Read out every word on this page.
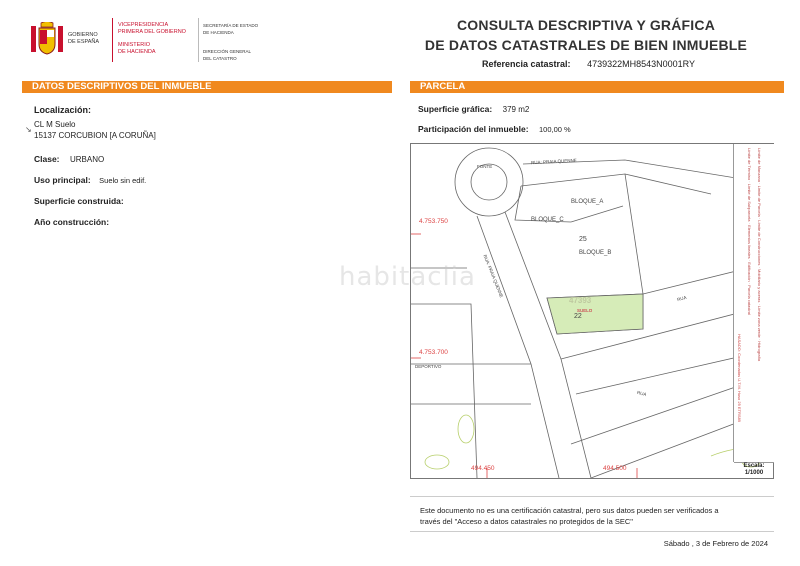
GOBIERNO
DE ESPAÑA
VICEPRESIDENCIA
PRIMERA DEL GOBIERNO
MINISTERIO
DE HACIENDA
SECRETARÍA DE ESTADO
DE HACIENDA
DIRECCIÓN GENERAL
DEL CATASTRO
CONSULTA DESCRIPTIVA Y GRÁFICA
DE DATOS CATASTRALES DE BIEN INMUEBLE
Referencia catastral: 4739322MH8543N0001RY
DATOS DESCRIPTIVOS DEL INMUEBLE
Localización:
CL M Suelo
15137 CORCUBION [A CORUÑA]
Clase: URBANO
Uso principal: Suelo sin edif.
Superficie construida:
Año construcción:
↘
PARCELA
Superficie gráfica: 379 m2
Participación del inmueble: 100,00 %
RUA: PRAIA QUENNE
RUA: PRAIA QUENNE
RUA
RUA
FONTE
BLOQUE_A
BLOQUE_C
25
BLOQUE_B
47393
SUELO
22
DEPORTIVO
4.753.750
4.753.700
494.450	494.500
habitaclia
Límite de Manzana · Límite de Parcela · Límite de Construcciones · Mobiliario y aceras · Límite zona verde · Hidrografía
Límite de Término · Límite de Subparcela · Elementos lineales · Edificación · Parcela catastral
HASADO: Coordenadas U.T.M. Huso 29 ETRS89
Escala:
1/1000
Este documento no es una certificación catastral, pero sus datos pueden ser verificados a
través del "Acceso a datos catastrales no protegidos de la SEC"
Sábado , 3 de Febrero de 2024
